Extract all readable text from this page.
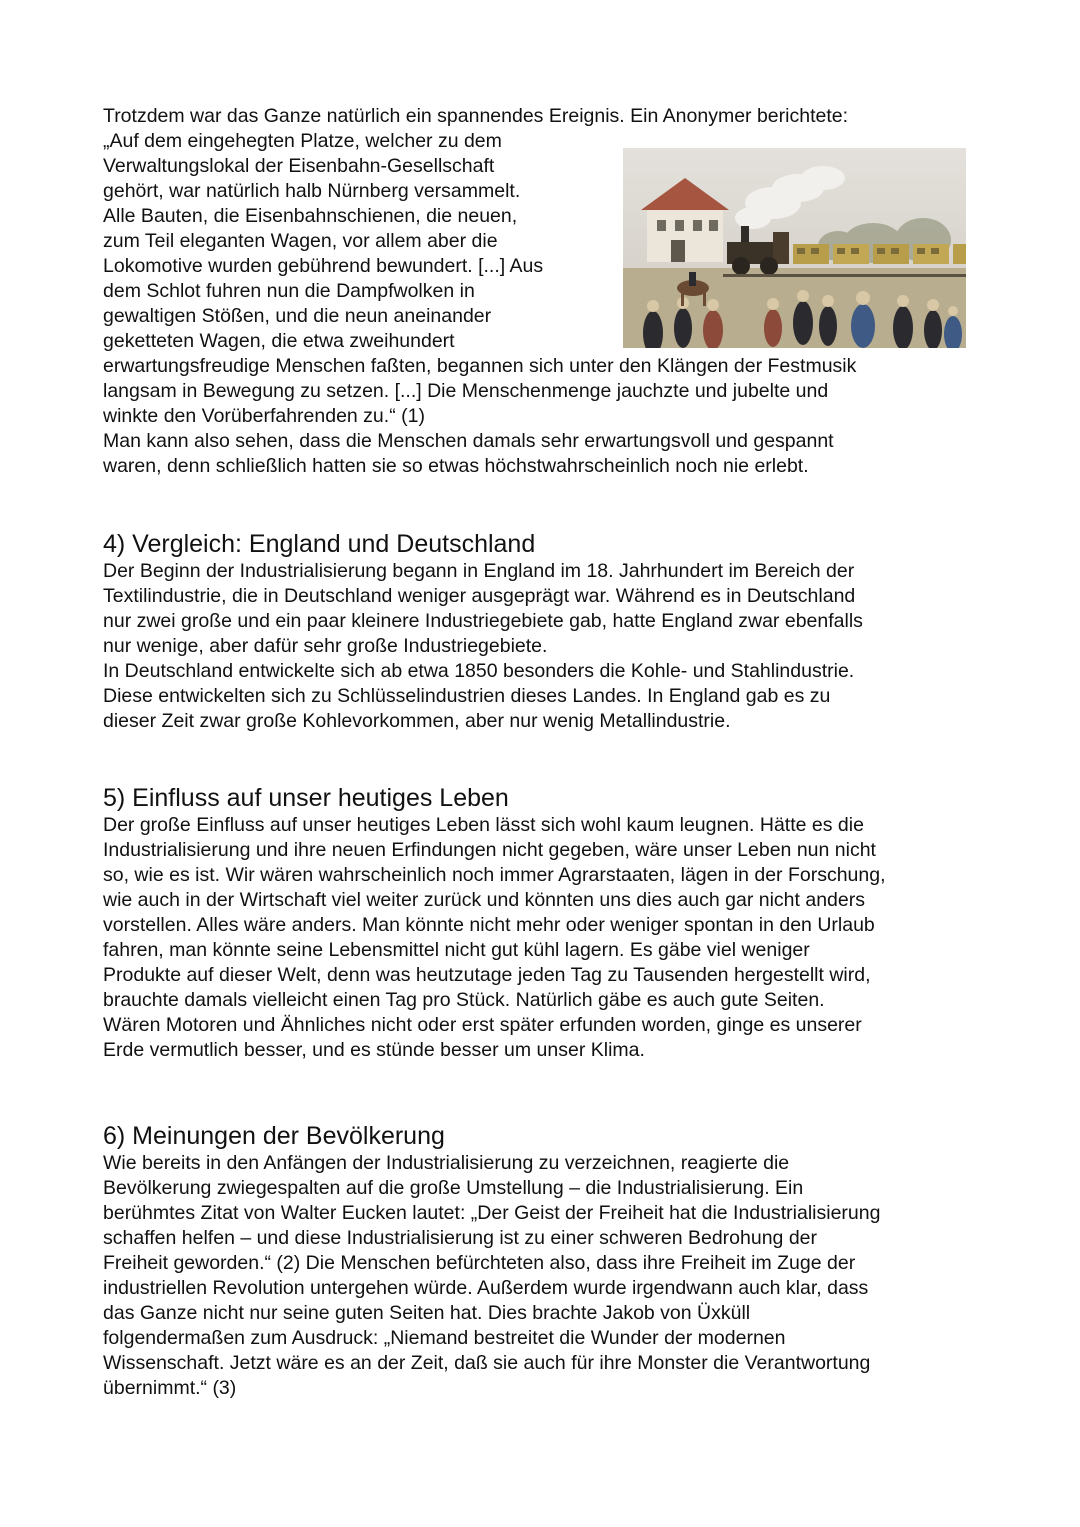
Trotzdem war das Ganze natürlich ein spannendes Ereignis. Ein Anonymer berichtete:
„Auf dem eingehegten Platze, welcher zu dem
Verwaltungslokal der Eisenbahn-Gesellschaft
gehört, war natürlich halb Nürnberg versammelt.
Alle Bauten, die Eisenbahnschienen, die neuen,
zum Teil eleganten Wagen, vor allem aber die
Lokomotive wurden gebührend bewundert. [...] Aus
dem Schlot fuhren nun die Dampfwolken in
gewaltigen Stößen, und die neun aneinander
geketteten Wagen, die etwa zweihundert
erwartungsfreudige Menschen faßten, begannen sich unter den Klängen der Festmusik
langsam in Bewegung zu setzen. [...] Die Menschenmenge jauchzte und jubelte und
winkte den Vorüberfahrenden zu.“ (1)
Man kann also sehen, dass die Menschen damals sehr erwartungsvoll und gespannt
waren, denn schließlich hatten sie so etwas höchstwahrscheinlich noch nie erlebt.
4) Vergleich: England und Deutschland
Der Beginn der Industrialisierung begann in England im 18. Jahrhundert im Bereich der
Textilindustrie, die in Deutschland weniger ausgeprägt war. Während es in Deutschland
nur zwei große und ein paar kleinere Industriegebiete gab, hatte England zwar ebenfalls
nur wenige, aber dafür sehr große Industriegebiete.
In Deutschland entwickelte sich ab etwa 1850 besonders die Kohle- und Stahlindustrie.
Diese entwickelten sich zu Schlüsselindustrien dieses Landes. In England gab es zu
dieser Zeit zwar große Kohlevorkommen, aber nur wenig Metallindustrie.
5) Einfluss auf unser heutiges Leben
Der große Einfluss auf unser heutiges Leben lässt sich wohl kaum leugnen. Hätte es die
Industrialisierung und ihre neuen Erfindungen nicht gegeben, wäre unser Leben nun nicht
so, wie es ist. Wir wären wahrscheinlich noch immer Agrarstaaten, lägen in der Forschung,
wie auch in der Wirtschaft viel weiter zurück und könnten uns dies auch gar nicht anders
vorstellen. Alles wäre anders. Man könnte nicht mehr oder weniger spontan in den Urlaub
fahren, man könnte seine Lebensmittel nicht gut kühl lagern. Es gäbe viel weniger
Produkte auf dieser Welt, denn was heutzutage jeden Tag zu Tausenden hergestellt wird,
brauchte damals vielleicht einen Tag pro Stück. Natürlich gäbe es auch gute Seiten.
Wären Motoren und Ähnliches nicht oder erst später erfunden worden, ginge es unserer
Erde vermutlich besser, und es stünde besser um unser Klima.
6) Meinungen der Bevölkerung
Wie bereits in den Anfängen der Industrialisierung zu verzeichnen, reagierte die
Bevölkerung zwiegespalten auf die große Umstellung – die Industrialisierung. Ein
berühmtes Zitat von Walter Eucken lautet: „Der Geist der Freiheit hat die Industrialisierung
schaffen helfen – und diese Industrialisierung ist zu einer schweren Bedrohung der
Freiheit geworden.“ (2) Die Menschen befürchteten also, dass ihre Freiheit im Zuge der
industriellen Revolution untergehen würde. Außerdem wurde irgendwann auch klar, dass
das Ganze nicht nur seine guten Seiten hat. Dies brachte Jakob von Üxküll
folgendermaßen zum Ausdruck: „Niemand bestreitet die Wunder der modernen
Wissenschaft. Jetzt wäre es an der Zeit, daß sie auch für ihre Monster die Verantwortung
übernimmt.“ (3)
